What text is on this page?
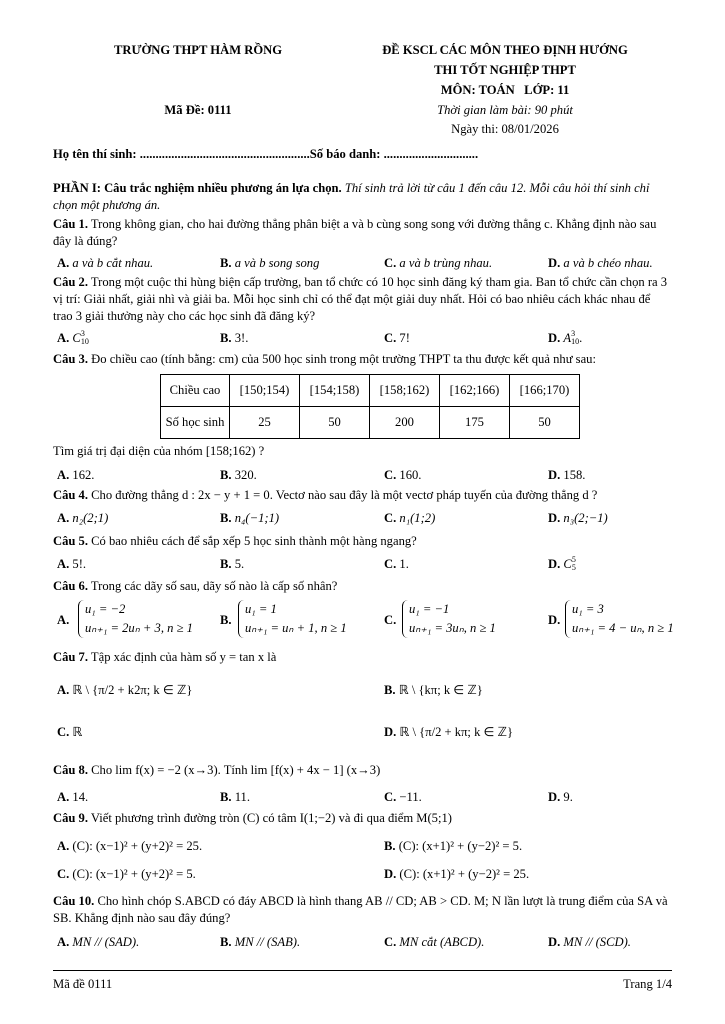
TRƯỜNG THPT HÀM RỒNG	ĐỀ KSCL CÁC MÔN THEO ĐỊNH HƯỚNG
THI TỐT NGHIỆP THPT
MÔN: TOÁN   LỚP: 11
Mã Đề: 0111	Thời gian làm bài: 90 phút
Ngày thi: 08/01/2026
Họ tên thí sinh: ......................................................Số báo danh: ..............................
PHẦN I: Câu trắc nghiệm nhiều phương án lựa chọn. Thí sinh trả lời từ câu 1 đến câu 12. Mỗi câu hỏi thí sinh chỉ chọn một phương án.
Câu 1. Trong không gian, cho hai đường thẳng phân biệt a và b cùng song song với đường thẳng c. Khẳng định nào sau đây là đúng?
A. a và b cắt nhau.	B. a và b song song	C. a và b trùng nhau.	D. a và b chéo nhau.
Câu 2. Trong một cuộc thi hùng biện cấp trường, ban tổ chức có 10 học sinh đăng ký tham gia. Ban tổ chức cần chọn ra 3 vị trí: Giải nhất, giải nhì và giải ba. Mỗi học sinh chỉ có thể đạt một giải duy nhất. Hỏi có bao nhiêu cách khác nhau để trao 3 giải thưởng này cho các học sinh đã đăng ký?
A. C 3
10	B. 3!.	C. 7!	D. A 3
10 .
Câu 3. Đo chiều cao (tính bằng: cm) của 500 học sinh trong một trường THPT ta thu được kết quả như sau:
Chiều cao	[150;154)	[154;158)	[158;162)	[162;166)	[166;170)
Số học sinh	25	50	200	175	50
Tìm giá trị đại diện của nhóm [158;162) ?
A. 162.	B. 320.	C. 160.	D. 158.
Câu 4. Cho đường thẳng d : 2x − y + 1 = 0. Vectơ nào sau đây là một vectơ pháp tuyến của đường thẳng d ?
A. n₂(2;1)	B. n₄(−1;1)	C. n₁(1;2)	D. n₃(2;−1)
Câu 5. Có bao nhiêu cách để sắp xếp 5 học sinh thành một hàng ngang?
A. 5!.	B. 5.	C. 1.	D. C 5
5
Câu 6. Trong các dãy số sau, dãy số nào là cấp số nhân?
A.
u₁ = −2
uₙ₊₁ = 2uₙ + 3, n ≥ 1
B.
u₁ = 1
uₙ₊₁ = uₙ + 1, n ≥ 1
C.
u₁ = −1
uₙ₊₁ = 3uₙ, n ≥ 1
D.
u₁ = 3
uₙ₊₁ = 4 − uₙ, n ≥ 1
Câu 7. Tập xác định của hàm số y = tan x là
A. ℝ \ {π/2 + k2π; k ∈ ℤ}	B. ℝ \ {kπ; k ∈ ℤ}
C. ℝ	D. ℝ \ {π/2 + kπ; k ∈ ℤ}
Câu 8. Cho lim f(x) = −2 (x→3). Tính lim [f(x) + 4x − 1] (x→3)
A. 14.	B. 11.	C. −11.	D. 9.
Câu 9. Viết phương trình đường tròn (C) có tâm I(1;−2) và đi qua điểm M(5;1)
A. (C): (x−1)² + (y+2)² = 25.	B. (C): (x+1)² + (y−2)² = 5.
C. (C): (x−1)² + (y+2)² = 5.	D. (C): (x+1)² + (y−2)² = 25.
Câu 10. Cho hình chóp S.ABCD có đáy ABCD là hình thang AB // CD; AB > CD. M; N lần lượt là trung điểm của SA và SB. Khẳng định nào sau đây đúng?
A. MN // (SAD).	B. MN // (SAB).	C. MN cắt (ABCD).	D. MN // (SCD).
Mã đề 0111	Trang 1/4
